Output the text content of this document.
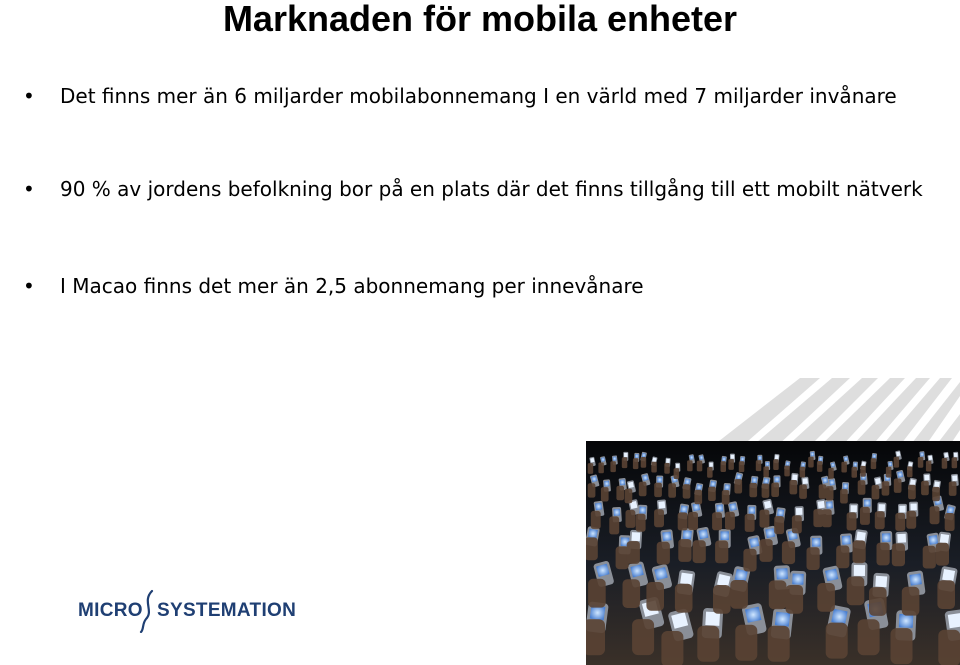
Marknaden för mobila enheter
• Det finns mer än 6 miljarder mobilabonnemang I en värld med 7 miljarder invånare
• 90 % av jordens befolkning bor på en plats där det finns tillgång till ett mobilt nätverk
• I Macao finns det mer än 2,5 abonnemang per innevånare
MICRO SYSTEMATION
